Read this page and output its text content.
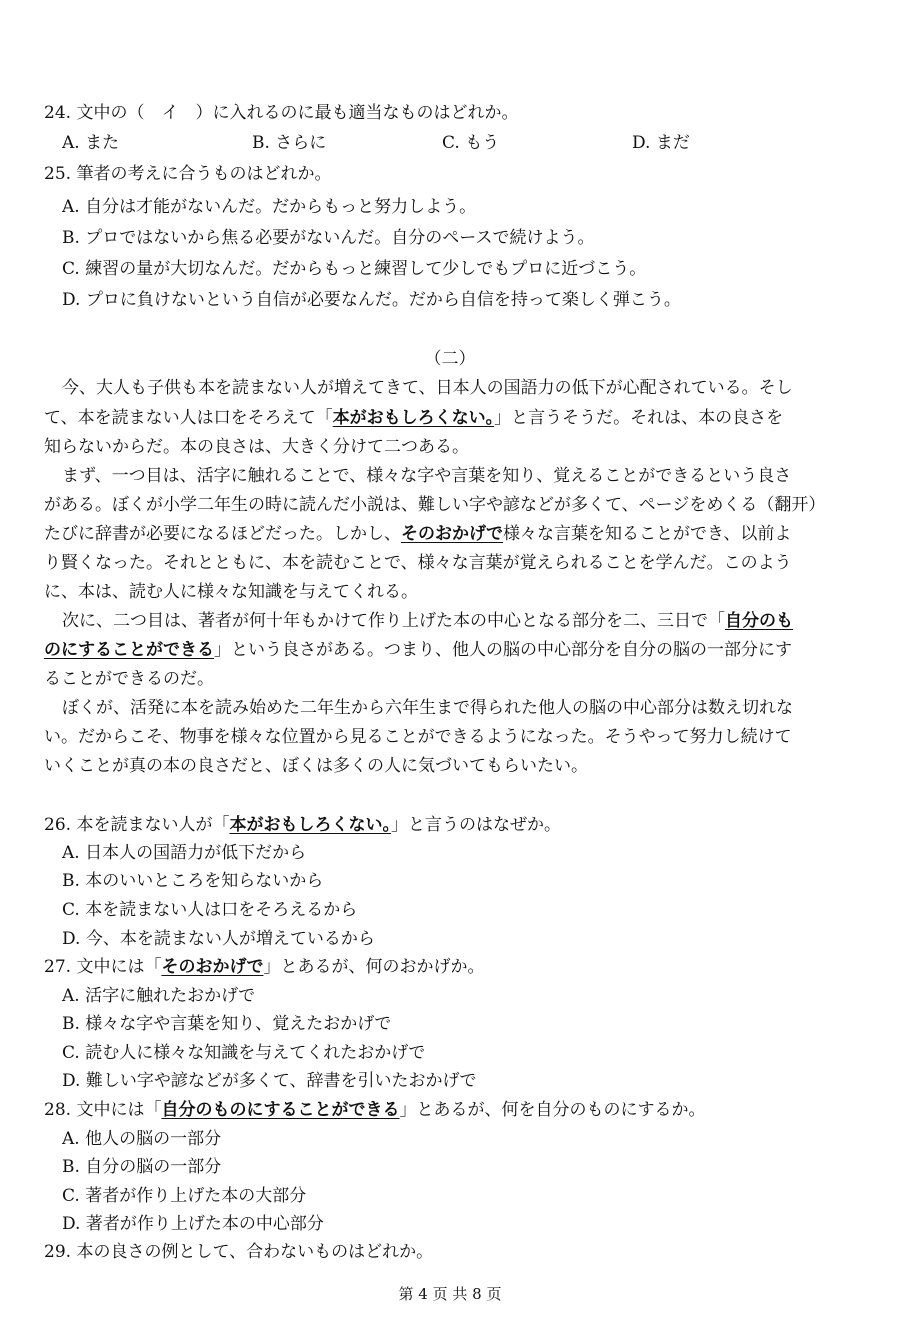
24. 文中の（　イ　）に入れるのに最も適当なものはどれか。
A. また	B. さらに	C. もう	D. まだ
25. 筆者の考えに合うものはどれか。
A. 自分は才能がないんだ。だからもっと努力しよう。
B. プロではないから焦る必要がないんだ。自分のペースで続けよう。
C. 練習の量が大切なんだ。だからもっと練習して少しでもプロに近づこう。
D. プロに負けないという自信が必要なんだ。だから自信を持って楽しく弾こう。
（二）
今、大人も子供も本を読まない人が増えてきて、日本人の国語力の低下が心配されている。そし
て、本を読まない人は口をそろえて「本がおもしろくない。」と言うそうだ。それは、本の良さを
知らないからだ。本の良さは、大きく分けて二つある。
まず、一つ目は、活字に触れることで、様々な字や言葉を知り、覚えることができるという良さ
がある。ぼくが小学二年生の時に読んだ小説は、難しい字や諺などが多くて、ページをめくる（翻开）
たびに辞書が必要になるほどだった。しかし、そのおかげで様々な言葉を知ることができ、以前よ
り賢くなった。それとともに、本を読むことで、様々な言葉が覚えられることを学んだ。このよう
に、本は、読む人に様々な知識を与えてくれる。
次に、二つ目は、著者が何十年もかけて作り上げた本の中心となる部分を二、三日で「自分のも
のにすることができる」という良さがある。つまり、他人の脳の中心部分を自分の脳の一部分にす
ることができるのだ。
ぼくが、活発に本を読み始めた二年生から六年生まで得られた他人の脳の中心部分は数え切れな
い。だからこそ、物事を様々な位置から見ることができるようになった。そうやって努力し続けて
いくことが真の本の良さだと、ぼくは多くの人に気づいてもらいたい。
26. 本を読まない人が「本がおもしろくない。」と言うのはなぜか。
A. 日本人の国語力が低下だから
B. 本のいいところを知らないから
C. 本を読まない人は口をそろえるから
D. 今、本を読まない人が増えているから
27. 文中には「そのおかげで」とあるが、何のおかげか。
A. 活字に触れたおかげで
B. 様々な字や言葉を知り、覚えたおかげで
C. 読む人に様々な知識を与えてくれたおかげで
D. 難しい字や諺などが多くて、辞書を引いたおかげで
28. 文中には「自分のものにすることができる」とあるが、何を自分のものにするか。
A. 他人の脳の一部分
B. 自分の脳の一部分
C. 著者が作り上げた本の大部分
D. 著者が作り上げた本の中心部分
29. 本の良さの例として、合わないものはどれか。
第 4 页 共 8 页
